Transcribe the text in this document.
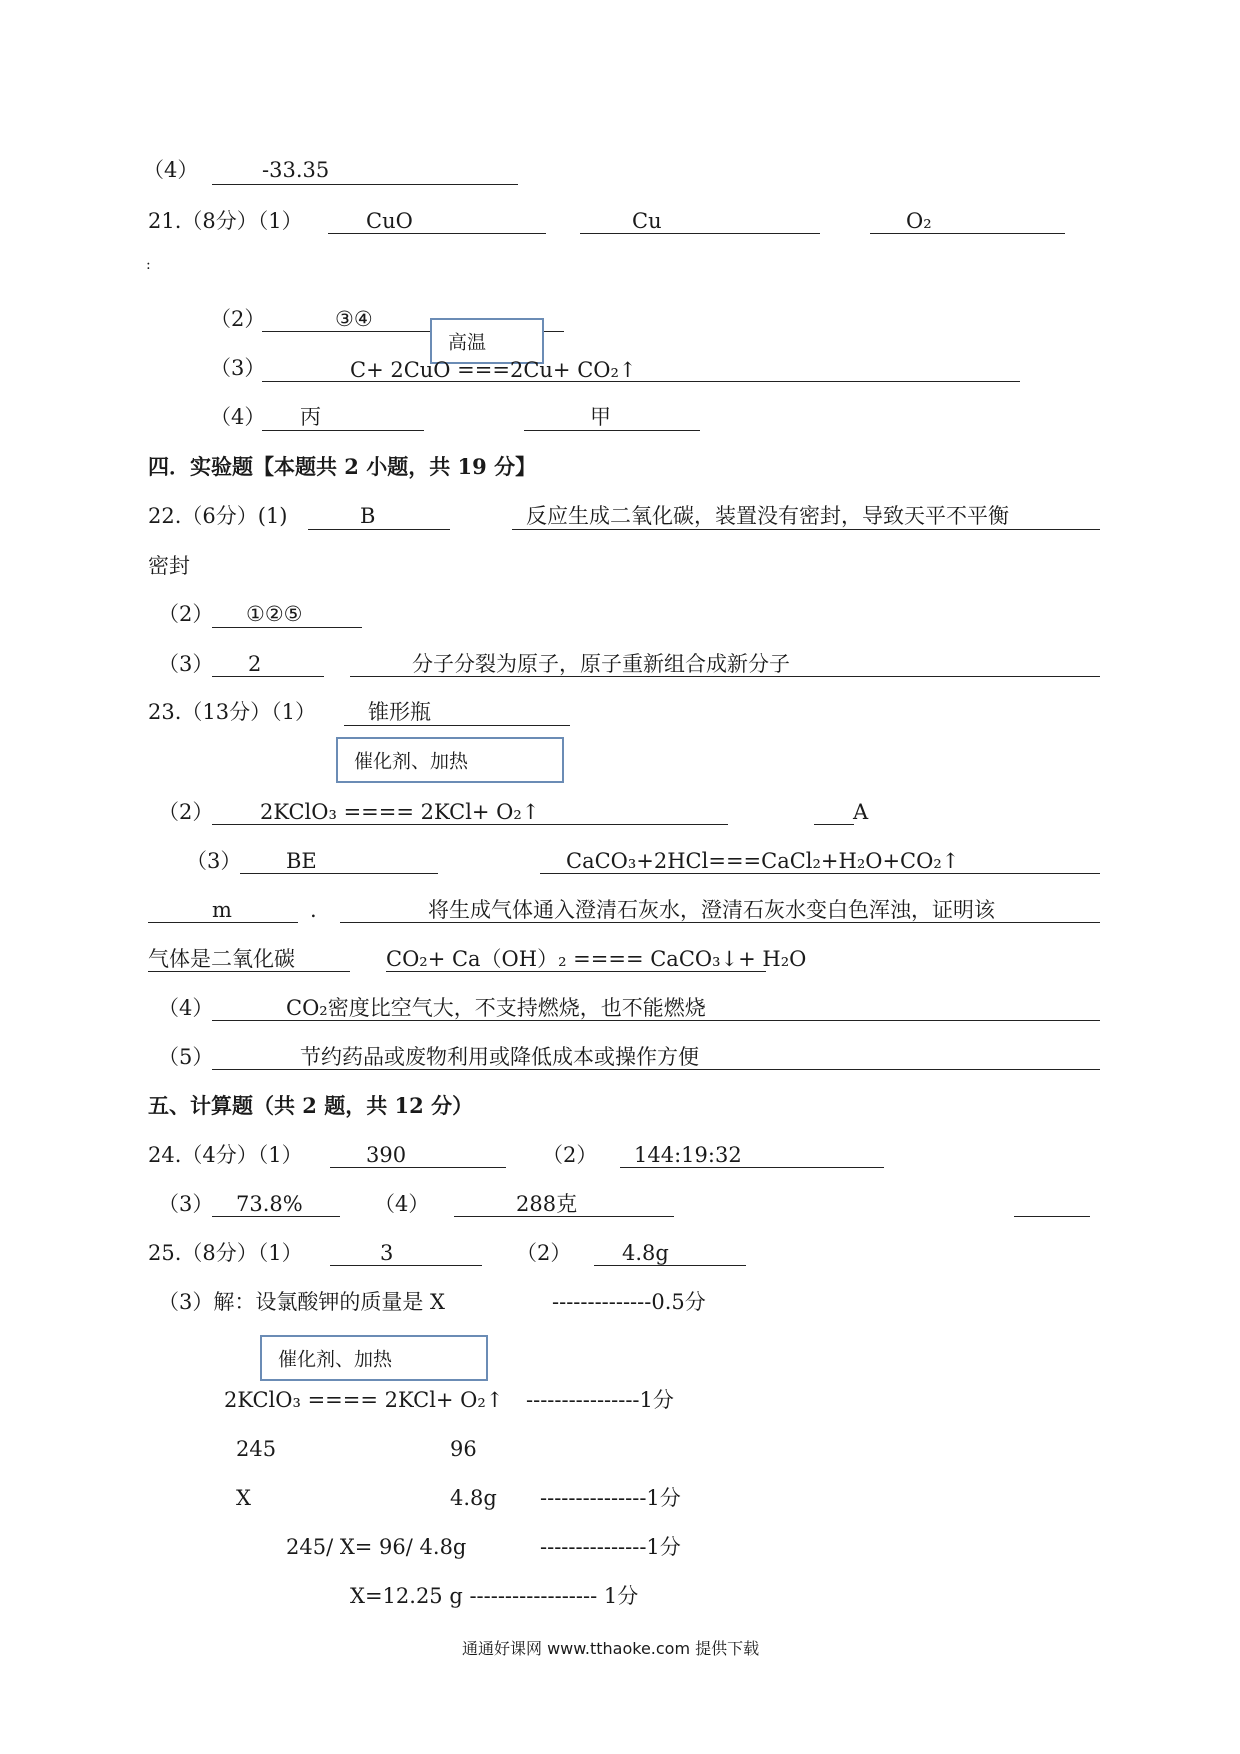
（4）	-33.35
21.（8分）（1）	CuO	Cu	O₂
:
（2）	③④
高温
（3）	C+ 2CuO ===2Cu+ CO₂↑
（4） 丙	甲
四．实验题【本题共 2 小题，共 19 分】
22.（6分）(1)	B	反应生成二氧化碳，装置没有密封，导致天平不平衡
密封
（2） ①②⑤
（3） 2	分子分裂为原子，原子重新组合成新分子
23.（13分）（1） 锥形瓶
催化剂、加热
（2） 2KClO₃ ==== 2KCl+ O₂↑	A
（3） BE	CaCO₃+2HCl===CaCl₂+H₂O+CO₂↑
m	.	将生成气体通入澄清石灰水，澄清石灰水变白色浑浊，证明该
气体是二氧化碳	CO₂+ Ca（OH）₂ ==== CaCO₃↓+ H₂O
（4）	CO₂密度比空气大，不支持燃烧，也不能燃烧
（5）	节约药品或废物利用或降低成本或操作方便
五、计算题（共 2 题，共 12 分）
24.（4分）（1）	390	（2） 144:19:32
（3） 73.8%	（4）	288克
25.（8分）（1）	3	（2） 4.8g
（3）解：设氯酸钾的质量是 X	--------------0.5分
催化剂、加热
2KClO₃ ==== 2KCl+ O₂↑ ----------------1分
245	96
X	4.8g ---------------1分
245/ X= 96/ 4.8g	---------------1分
X=12.25 g ------------------ 1分
通通好课网 www.tthaoke.com 提供下载
